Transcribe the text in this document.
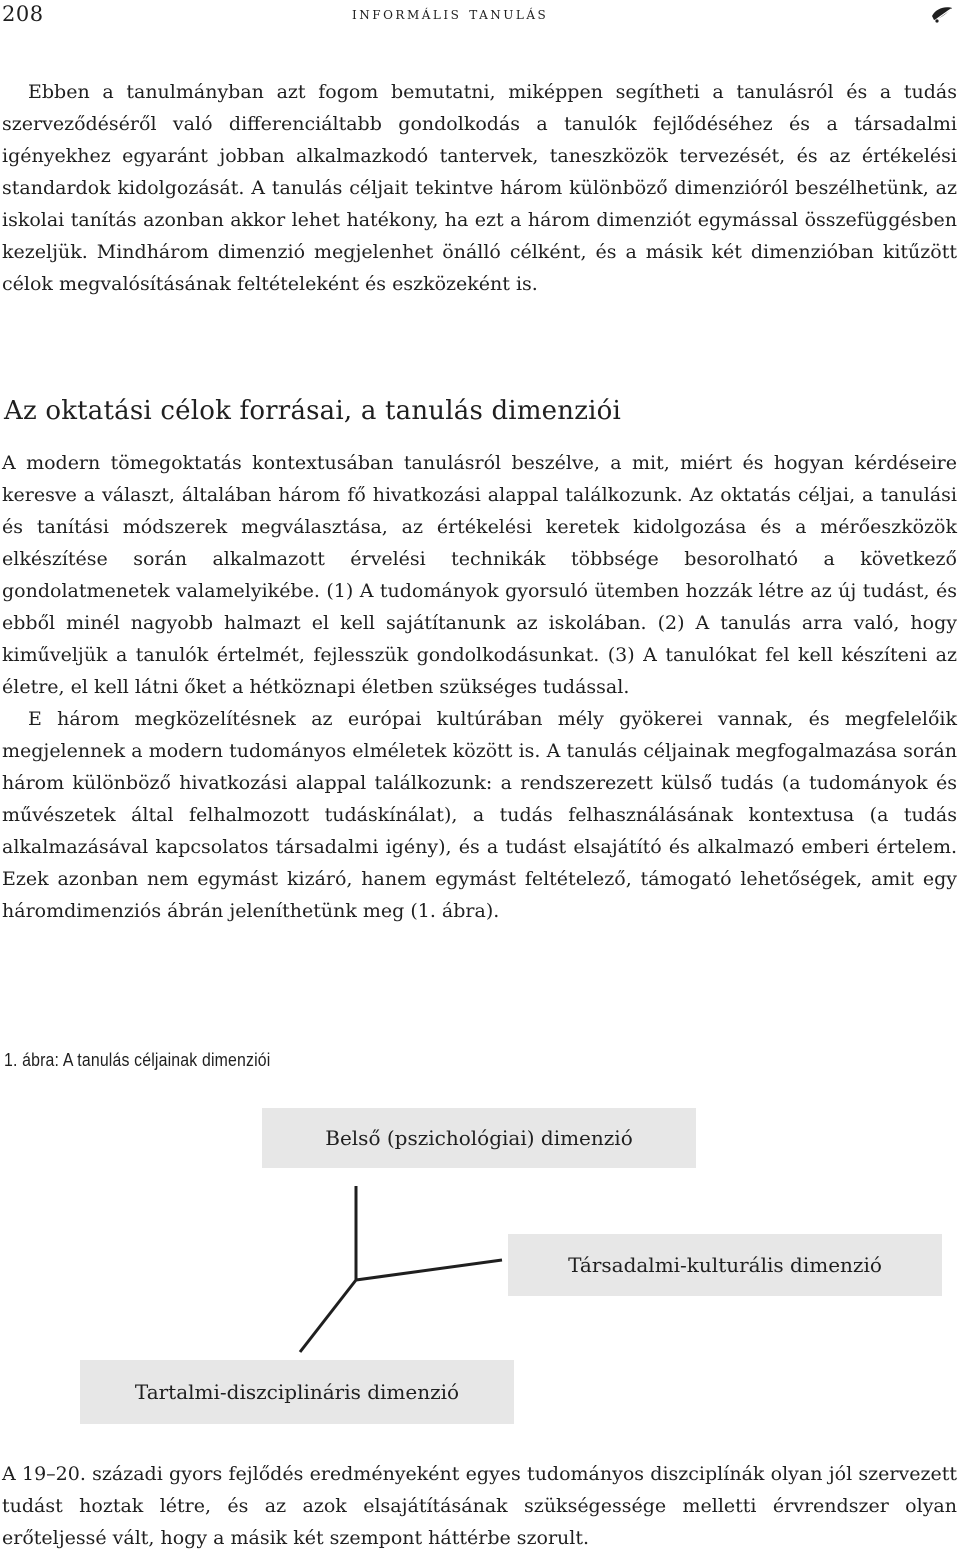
208	informális tanulás

Ebben a tanulmányban azt fogom bemutatni, miképpen segítheti a tanulásról és a tudás szerveződéséről való differenciáltabb gondolkodás a tanulók fejlődéséhez és a társadalmi igényekhez egyaránt jobban alkalmazkodó tantervek, taneszközök tervezését, és az értékelési standardok kidolgozását. A tanulás céljait tekintve három különböző dimenzióról beszélhetünk, az iskolai tanítás azonban akkor lehet hatékony, ha ezt a három dimenziót egymással összefüggésben kezeljük. Mindhárom dimenzió megjelenhet önálló célként, és a másik két dimenzióban kitűzött célok megvalósításának feltételeként és eszközeként is.

Az oktatási célok forrásai, a tanulás dimenziói

A modern tömegoktatás kontextusában tanulásról beszélve, a mit, miért és hogyan kérdéseire keresve a választ, általában három fő hivatkozási alappal találkozunk. Az oktatás céljai, a tanulási és tanítási módszerek megválasztása, az értékelési keretek kidolgozása és a mérőeszközök elkészítése során alkalmazott érvelési technikák többsége besorolható a következő gondolatmenetek valamelyikébe. (1) A tudományok gyorsuló ütemben hozzák létre az új tudást, és ebből minél nagyobb halmazt el kell sajátítanunk az iskolában. (2) A tanulás arra való, hogy kiműveljük a tanulók értelmét, fejlesszük gondolkodásunkat. (3) A tanulókat fel kell készíteni az életre, el kell látni őket a hétköznapi életben szükséges tudással.

E három megközelítésnek az európai kultúrában mély gyökerei vannak, és megfelelőik megjelennek a modern tudományos elméletek között is. A tanulás céljainak megfogalmazása során három különböző hivatkozási alappal találkozunk: a rendszerezett külső tudás (a tudományok és művészetek által felhalmozott tudáskínálat), a tudás felhasználásának kontextusa (a tudás alkalmazásával kapcsolatos társadalmi igény), és a tudást elsajátító és alkalmazó emberi értelem. Ezek azonban nem egymást kizáró, hanem egymást feltételező, támogató lehetőségek, amit egy háromdimenziós ábrán jeleníthetünk meg (1. ábra).

1. ábra: A tanulás céljainak dimenziói

Belső (pszichológiai) dimenzió
Társadalmi-kulturális dimenzió
Tartalmi-diszciplináris dimenzió

A 19–20. századi gyors fejlődés eredményeként egyes tudományos diszciplínák olyan jól szervezett tudást hoztak létre, és az azok elsajátításának szükségessége melletti érvrendszer olyan erőteljessé vált, hogy a másik két szempont háttérbe szorult.
